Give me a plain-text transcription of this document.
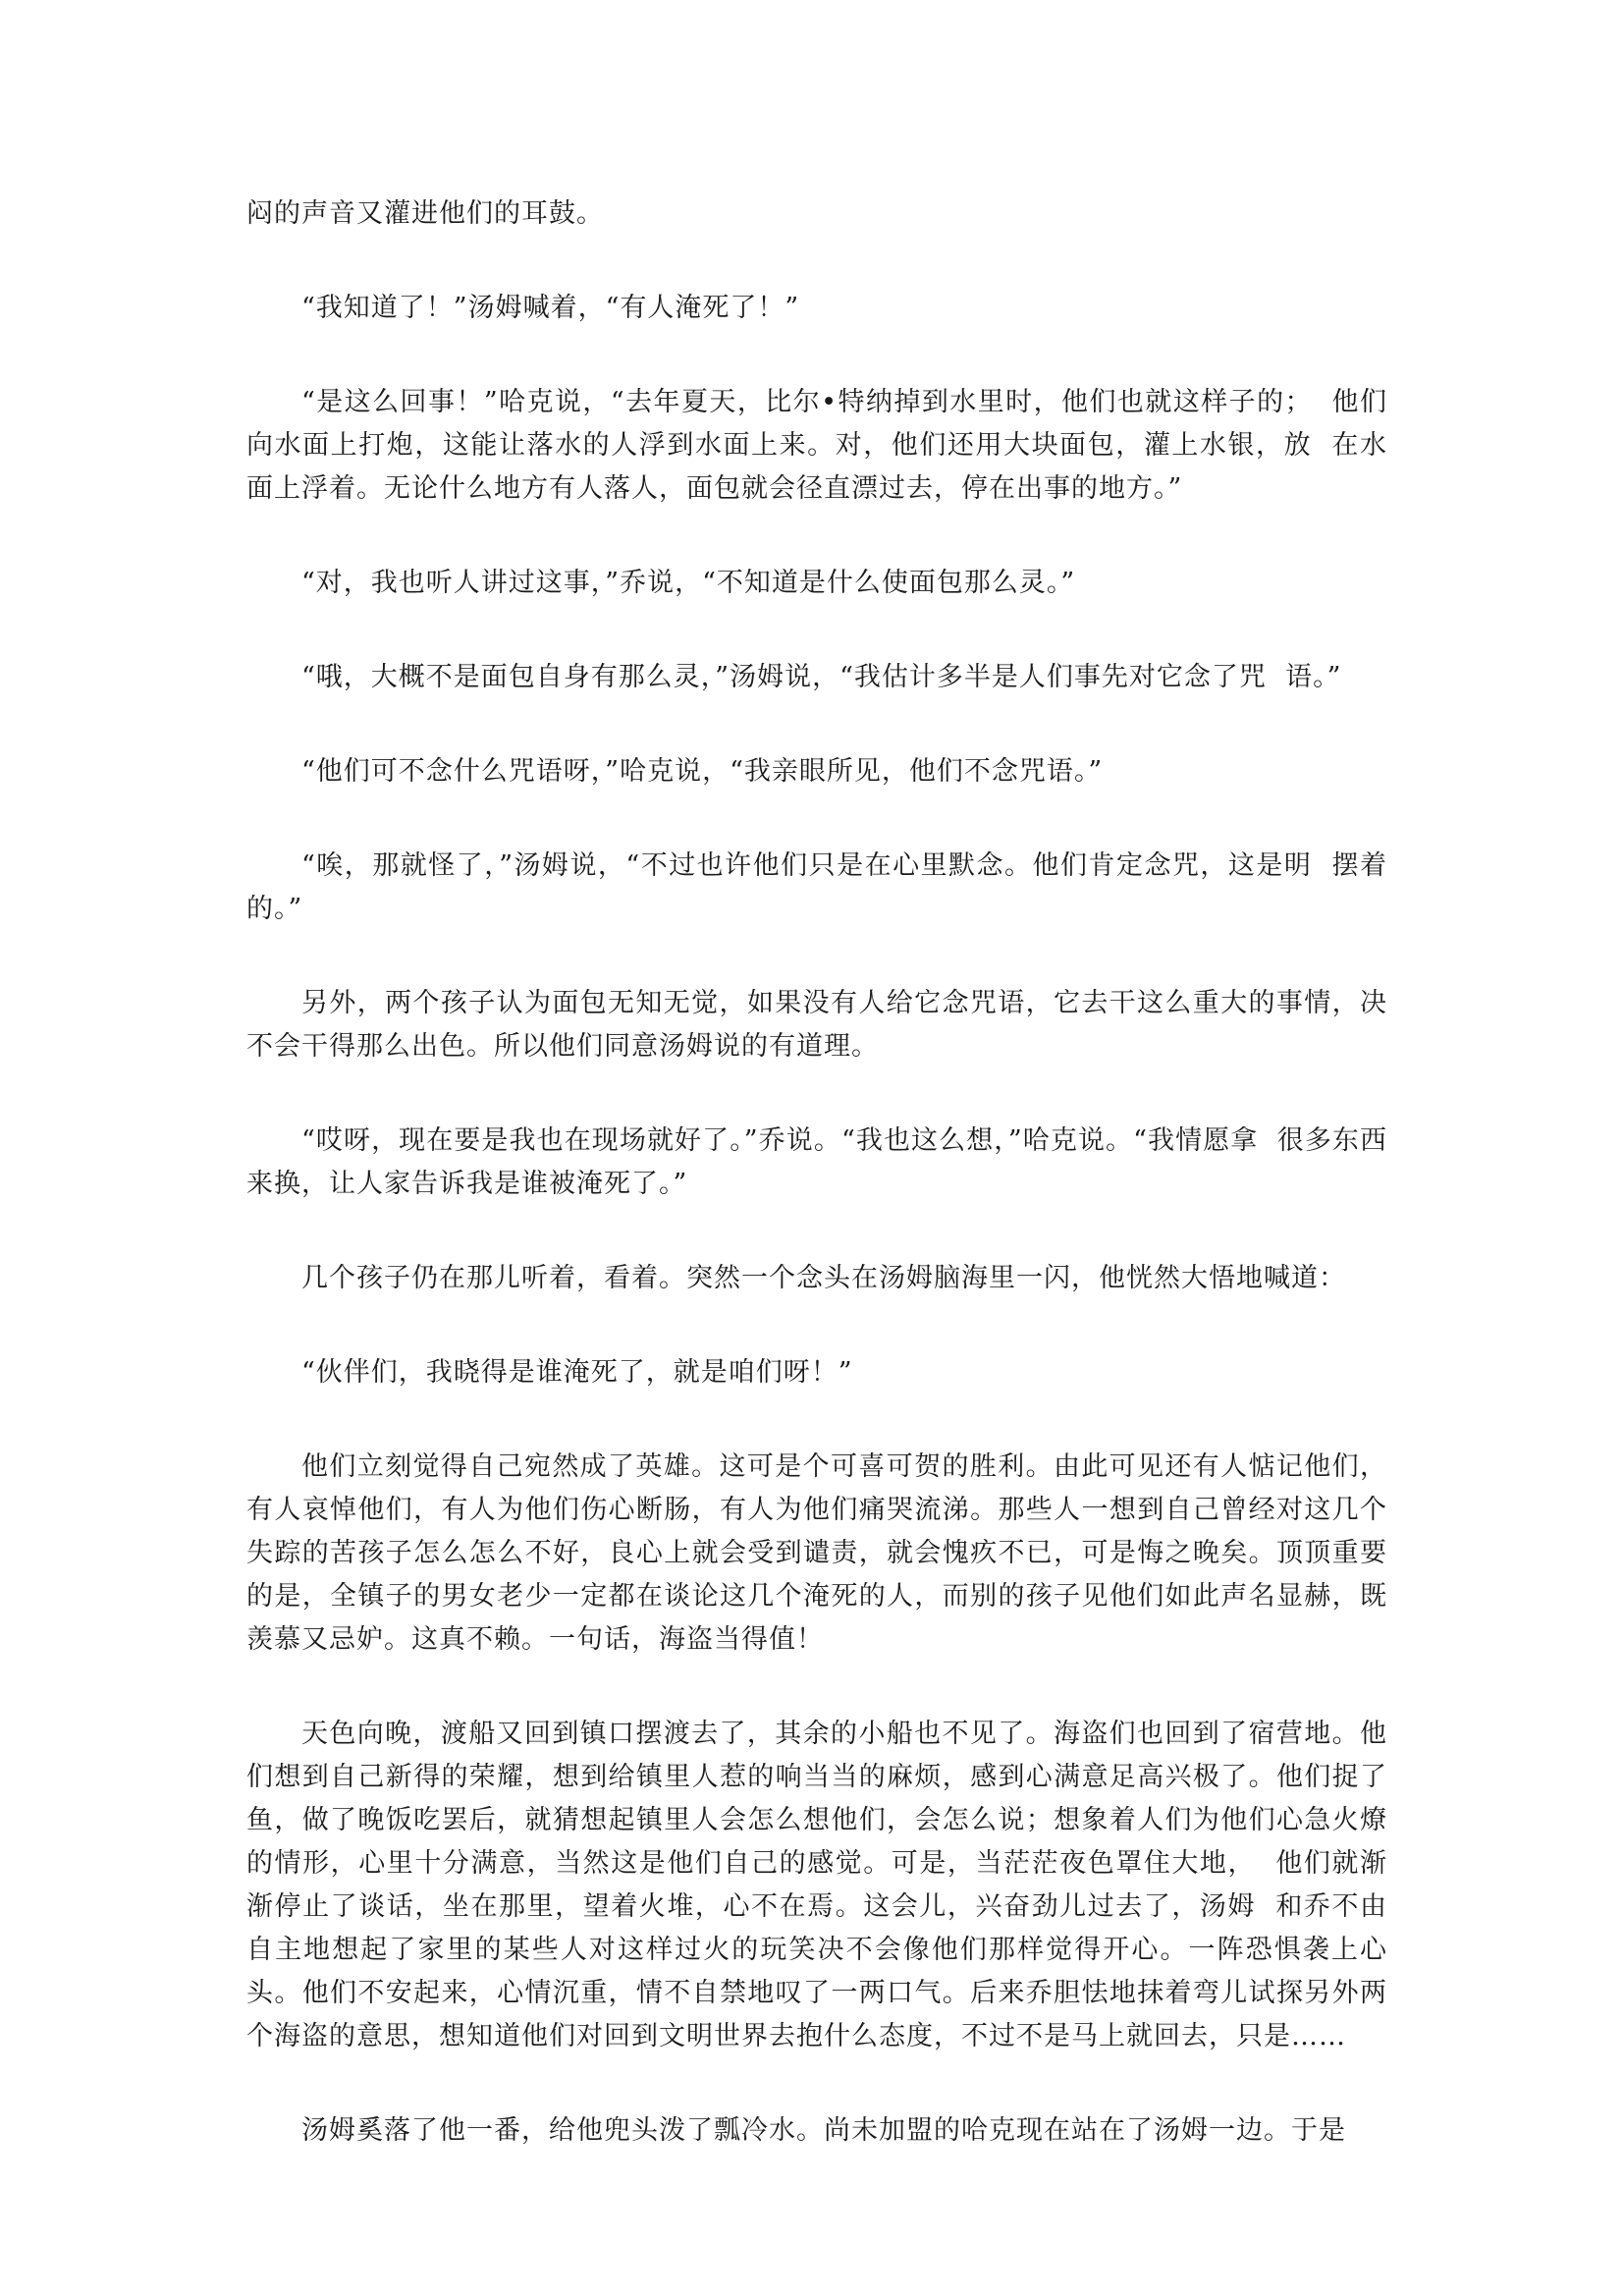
闷的声音又灌进他们的耳鼓。

“我知道了！”汤姆喊着，“有人淹死了！”

“是这么回事！”哈克说，“去年夏天，比尔•特纳掉到水里时，他们也就这样子的；  他们向水面上打炮，这能让落水的人浮到水面上来。对，他们还用大块面包，灌上水银，放  在水面上浮着。无论什么地方有人落人，面包就会径直漂过去，停在出事的地方。”

“对，我也听人讲过这事，”乔说，“不知道是什么使面包那么灵。”

“哦，大概不是面包自身有那么灵，”汤姆说，“我估计多半是人们事先对它念了咒  语。”

“他们可不念什么咒语呀，”哈克说，“我亲眼所见，他们不念咒语。”

“唉，那就怪了，”汤姆说，“不过也许他们只是在心里默念。他们肯定念咒，这是明  摆着的。”

另外，两个孩子认为面包无知无觉，如果没有人给它念咒语，它去干这么重大的事情，决不会干得那么出色。所以他们同意汤姆说的有道理。

“哎呀，现在要是我也在现场就好了。”乔说。“我也这么想，”哈克说。“我情愿拿  很多东西来换，让人家告诉我是谁被淹死了。”

几个孩子仍在那儿听着，看着。突然一个念头在汤姆脑海里一闪，他恍然大悟地喊道：

“伙伴们，我晓得是谁淹死了，就是咱们呀！”

他们立刻觉得自己宛然成了英雄。这可是个可喜可贺的胜利。由此可见还有人惦记他们，有人哀悼他们，有人为他们伤心断肠，有人为他们痛哭流涕。那些人一想到自己曾经对这几个失踪的苦孩子怎么怎么不好，良心上就会受到谴责，就会愧疚不已，可是悔之晚矣。顶顶重要的是，全镇子的男女老少一定都在谈论这几个淹死的人，而别的孩子见他们如此声名显赫，既羡慕又忌妒。这真不赖。一句话，海盗当得值！

天色向晚，渡船又回到镇口摆渡去了，其余的小船也不见了。海盗们也回到了宿营地。他们想到自己新得的荣耀，想到给镇里人惹的响当当的麻烦，感到心满意足高兴极了。他们捉了鱼，做了晚饭吃罢后，就猜想起镇里人会怎么想他们，会怎么说；想象着人们为他们心急火燎的情形，心里十分满意，当然这是他们自己的感觉。可是，当茫茫夜色罩住大地，  他们就渐渐停止了谈话，坐在那里，望着火堆，心不在焉。这会儿，兴奋劲儿过去了，汤姆  和乔不由自主地想起了家里的某些人对这样过火的玩笑决不会像他们那样觉得开心。一阵恐惧袭上心头。他们不安起来，心情沉重，情不自禁地叹了一两口气。后来乔胆怯地抹着弯儿试探另外两个海盗的意思，想知道他们对回到文明世界去抱什么态度，不过不是马上就回去，只是……

汤姆奚落了他一番，给他兜头泼了瓢冷水。尚未加盟的哈克现在站在了汤姆一边。于是
